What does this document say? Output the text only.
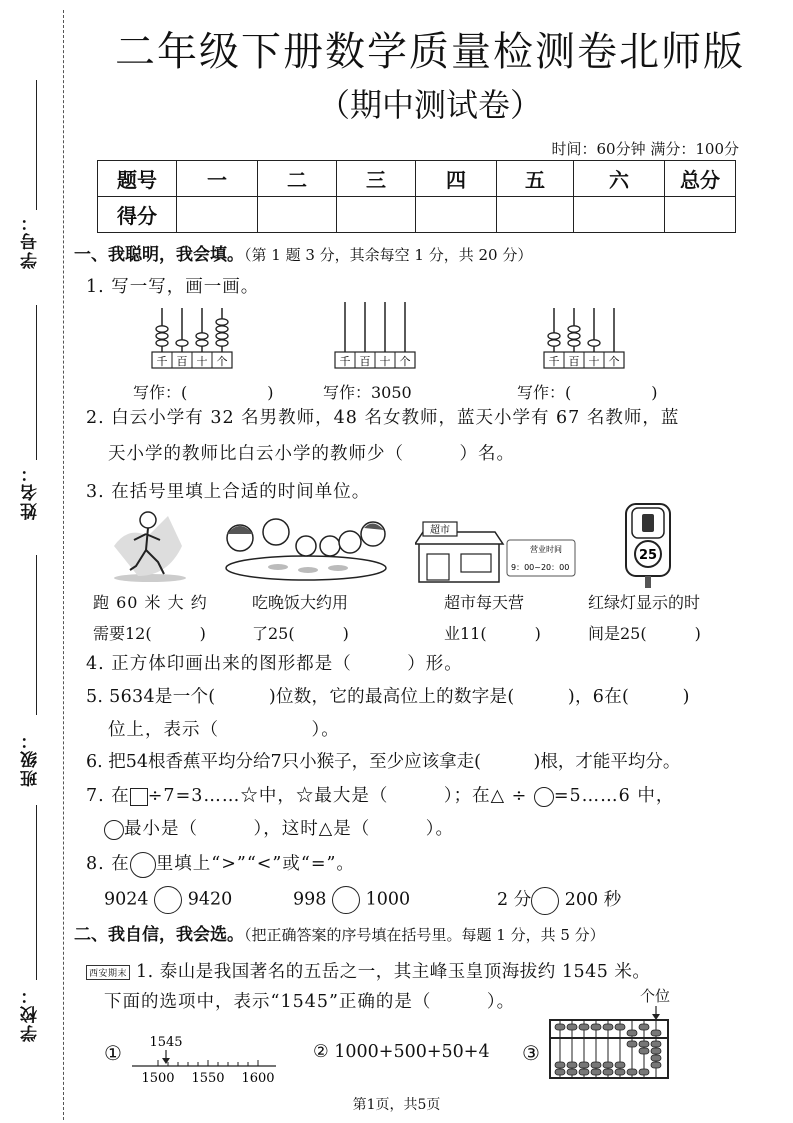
学号：
姓名：
班级：
学校：
二年级下册数学质量检测卷北师版
（期中测试卷）
时间：60分钟 满分：100分
题号	一	二	三	四	五	六	总分
得分							
一、我聪明，我会填。（第 1 题 3 分，其余每空 1 分，共 20 分）
1. 写一写，画一画。
千 百 十 个	千 百 十 个	千 百 十 个
写作：(　　　　　)	写作：3050	写作：(　　　　　)
2. 白云小学有 32 名男教师，48 名女教师，蓝天小学有 67 名教师，蓝
天小学的教师比白云小学的教师少（　　　）名。
3. 在括号里填上合适的时间单位。
超市
营业时间
9：00~20：00
25
跑 60 米 大 约
需要12(　　　)
吃晚饭大约用
了25(　　　)
超市每天营
业11(　　　)
红绿灯显示的时
间是25(　　　)
4. 正方体印画出来的图形都是（　　　）形。
5. 5634是一个(　　　)位数，它的最高位上的数字是(　　　)，6在(　　　)
位上，表示（　　　　　）。
6. 把54根香蕉平均分给7只小猴子，至少应该拿走(　　　)根，才能平均分。
7. 在 ÷7=3……☆中，☆最大是（　　　）；在△ ÷ =5……6 中，
最小是（　　　），这时△是（　　　）。
8. 在 里填上“>”“<”或“=”。
9024 9420	998 1000	2 分 200 秒
二、我自信，我会选。（把正确答案的序号填在括号里。每题 1 分，共 5 分）
西安期末 1. 泰山是我国著名的五岳之一，其主峰玉皇顶海拔约 1545 米。
下面的选项中，表示“1545”正确的是（　　　）。
① 1545
1500 1550 1600
② 1000+500+50+4 ③
个位
第1页，共5页
